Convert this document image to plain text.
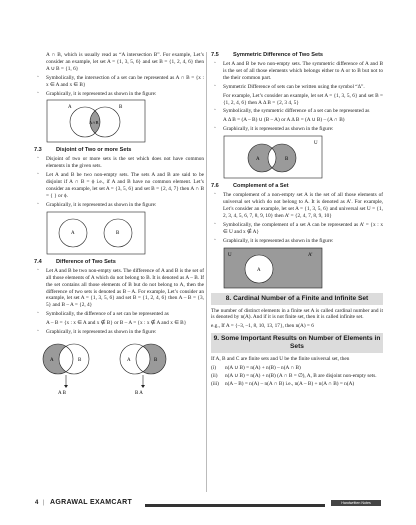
A ∩ B, which is usually read as “A intersection B”. For example, Let’s consider an example, let set A = {1, 3, 5, 6} and set B = {1, 2, 4, 6} then A ∪ B = {1, 6}

◦ Symbolically, the intersection of a set can be represented as A ∩ B = {x : x ∈ A and x ∈ B}
◦ Graphically, it is represented as shown in the figure:
A	B
A∩B
7.3	Disjoint of Two or more Sets
◦ Disjoint of two or more sets is the set which does not have common elements in the given sets.
◦ Let A and B be two non-empty sets. The sets A and B are said to be disjoint if A ∩ B = ϕ i.e., if A and B have no common element. Let’s consider an example, let set A = {3, 5, 6} and set B = {2, 4, 7} then A ∩ B = { } or ϕ.
◦ Graphically, it is represented as shown in the figure:
A	B
7.4	Difference of Two Sets
◦ Let A and B be two non-empty sets. The difference of A and B is the set of all those elements of A which do not belong to B. It is denoted as A – B. If the set contains all those elements of B but do not belong to A, then the difference of two sets is denoted as B – A. For example, Let’s consider an example, let set A = {1, 3, 5, 6} and set B = {1, 2, 4, 6} then A – B = {3, 5} and B – A = {2, 4}
◦ Symbolically, the difference of a set can be represented as

A – B = {x : x ∈ A and x ∉ B} or B – A = {x : x ∉ A and x ∈ B}

◦ Graphically, it is represented as shown in the figure:
A	B	A	B
A B	B A
7.5	Symmetric Difference of Two Sets
◦ Let A and B be two non-empty sets. The symmetric difference of A and B is the set of all those elements which belongs either to A or to B but not to the their common part.
◦ Symmetric Difference of sets can be written using the symbol “Δ”.

For example, Let’s consider an example, let set A = {1, 3, 5, 6} and set B = {1, 2, 4, 6} then A Δ B = {2, 3 4, 5}

◦ Symbolically, the symmetric difference of a set can be represented as

A Δ B = (A – B) ∪ (B – A) or A Δ B = (A ∪ B) – (A ∩ B)

◦ Graphically, it is represented as shown in the figure:
U
A	B
7.6	Complement of a Set
◦ The complement of a non-empty set A is the set of all those elements of universal set which do not belong to A. It is denoted as A’. For example, Let’s consider an example, let set A = {1, 3, 5, 6} and universal set U = {1, 2, 3, 4, 5, 6, 7, 8, 9, 10} then A’ = {2, 4, 7, 8, 9, 10}
◦ Symbolically, the complement of a set A can be represented as A’ = {x : x ∈ U and x ∉ A}
◦ Graphically, it is represented as shown in the figure:
U	A’
A
8. Cardinal Number of a Finite and Infinite Set

The number of distinct elements in a finite set A is called cardinal number and it is denoted by n(A). And if it is not finite set, then it is called infinite set.

e.g., If A = {–3, –1, 8, 10, 13, 17}, then n(A) = 6

9. Some Important Results on Number of Elements in Sets

If A, B and C are finite sets and U be the finite universal set, then

(i) n(A ∪ B) = n(A) + n(B) – n(A ∩ B)
(ii) n(A ∪ B) = n(A) + n(B) (A ∩ B = ∅), A, B are disjoint non-empty sets.
(iii) n(A – B) = n(A) – n(A ∩ B) i.e., n(A – B) + n(A ∩ B) = n(A)
4 | AGRAWAL EXAMCART	Handwritten Notes
